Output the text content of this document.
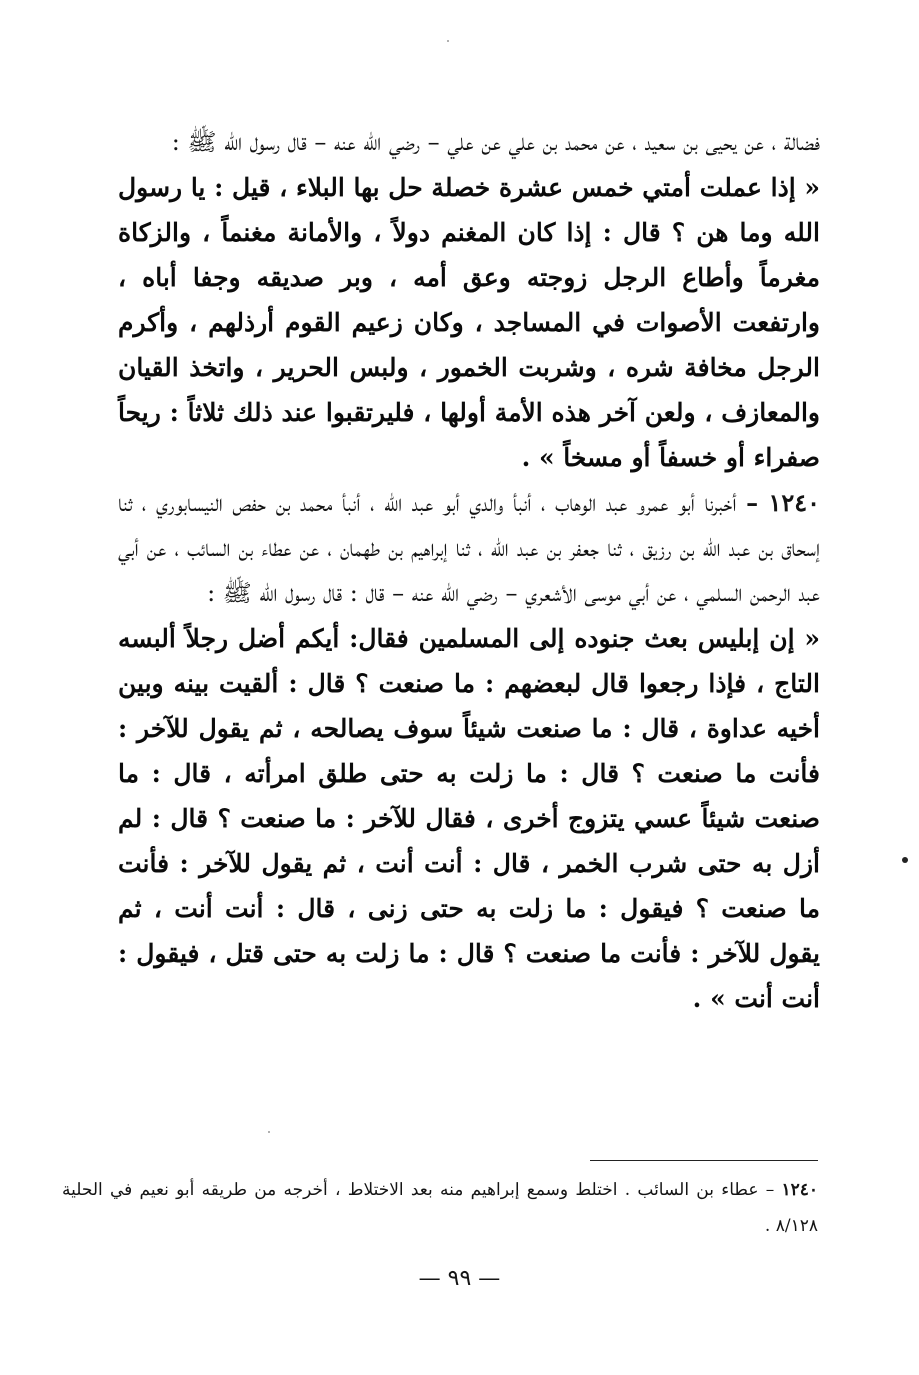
فضالة ، عن يحيى بن سعيد ، عن محمد بن علي عن علي – رضي الله عنه – قال رسول الله ﷺ :

« إذا عملت أمتي خمس عشرة خصلة حل بها البلاء ، قيل : يا رسول الله وما هن ؟ قال : إذا كان المغنم دولاً ، والأمانة مغنماً ، والزكاة مغرماً وأطاع الرجل زوجته وعق أمه ، وبر صديقه وجفا أباه ، وارتفعت الأصوات في المساجد ، وكان زعيم القوم أرذلهم ، وأكرم الرجل مخافة شره ، وشربت الخمور ، ولبس الحرير ، واتخذ القيان والمعازف ، ولعن آخر هذه الأمة أولها ، فليرتقبوا عند ذلك ثلاثاً : ريحاً صفراء أو خسفاً أو مسخاً » .

١٢٤٠ – أخبرنا أبو عمرو عبد الوهاب ، أنبأ والدي أبو عبد الله ، أنبأ محمد بن حفص النيسابوري ، ثنا إسحاق بن عبد الله بن رزيق ، ثنا جعفر بن عبد الله ، ثنا إبراهيم بن طهمان ، عن عطاء بن السائب ، عن أبي عبد الرحمن السلمي ، عن أبي موسى الأشعري – رضي الله عنه – قال : قال رسول الله ﷺ :

« إن إبليس بعث جنوده إلى المسلمين فقال: أيكم أضل رجلاً ألبسه التاج ، فإذا رجعوا قال لبعضهم : ما صنعت ؟ قال : ألقيت بينه وبين أخيه عداوة ، قال : ما صنعت شيئاً سوف يصالحه ، ثم يقول للآخر : فأنت ما صنعت ؟ قال : ما زلت به حتى طلق امرأته ، قال : ما صنعت شيئاً عسي يتزوج أخرى ، فقال للآخر : ما صنعت ؟ قال : لم أزل به حتى شرب الخمر ، قال : أنت أنت ، ثم يقول للآخر : فأنت ما صنعت ؟ فيقول : ما زلت به حتى زنى ، قال : أنت أنت ، ثم يقول للآخر : فأنت ما صنعت ؟ قال : ما زلت به حتى قتل ، فيقول : أنت أنت » .

١٢٤٠ – عطاء بن السائب . اختلط وسمع إبراهيم منه بعد الاختلاط ، أخرجه من طريقه أبو نعيم في الحلية ٨/١٢٨ .
— ٩٩ —
